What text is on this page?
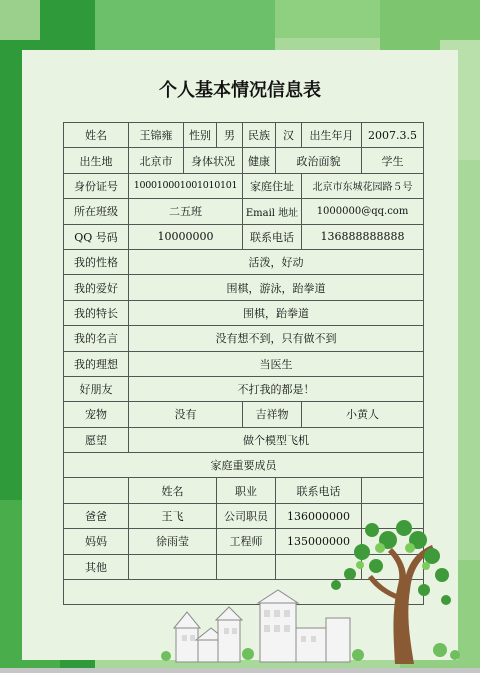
个人基本情况信息表
姓名	王锦雍	性别	男	民族	汉	出生年月	2007.3.5
出生地	北京市	身体状况		健康	政治面貌		学生
身份证号	100010001001010101			家庭住址		北京市东城花园路５号	
所在班级	二五班			Email 地址		1000000@qq.com	
QQ 号码	10000000			联系电话		136888888888	
我的性格	活泼，好动						
我的爱好	围棋，游泳，跆拳道						
我的特长	围棋，跆拳道						
我的名言	没有想不到，只有做不到						
我的理想	当医生						
好朋友	不打我的都是！						
宠物	没有			吉祥物		小黄人	
愿望	做个模型飞机						
家庭重要成员							
	姓名		职业		联系电话		
爸爸	王飞		公司职员		136000000		
妈妈	徐雨莹		工程师		135000000		
其他							
